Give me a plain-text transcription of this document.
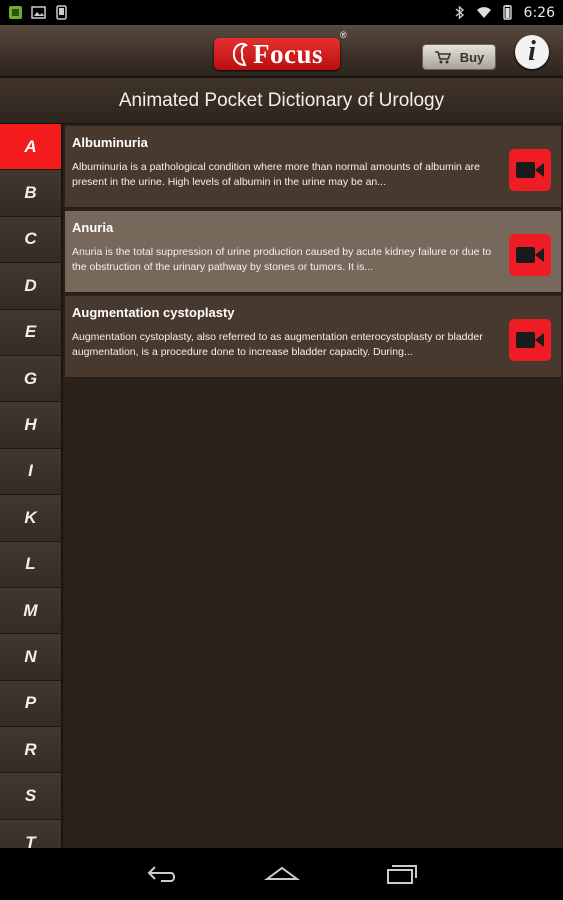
6:26
Focus
®
Buy i
Animated Pocket Dictionary of Urology
A
B
C
D
E
G
H
I
K
L
M
N
P
R
S
T
Albuminuria
Albuminuria is a pathological condition where more than normal amounts of albumin are present in the urine. High levels of albumin in the urine may be an...
Anuria
Anuria is the total suppression of urine production caused by acute kidney failure or due to the obstruction of the urinary pathway by stones or tumors. It is...
Augmentation cystoplasty
Augmentation cystoplasty, also referred to as augmentation enterocystoplasty or bladder augmentation, is a procedure done to increase bladder capacity. During...
